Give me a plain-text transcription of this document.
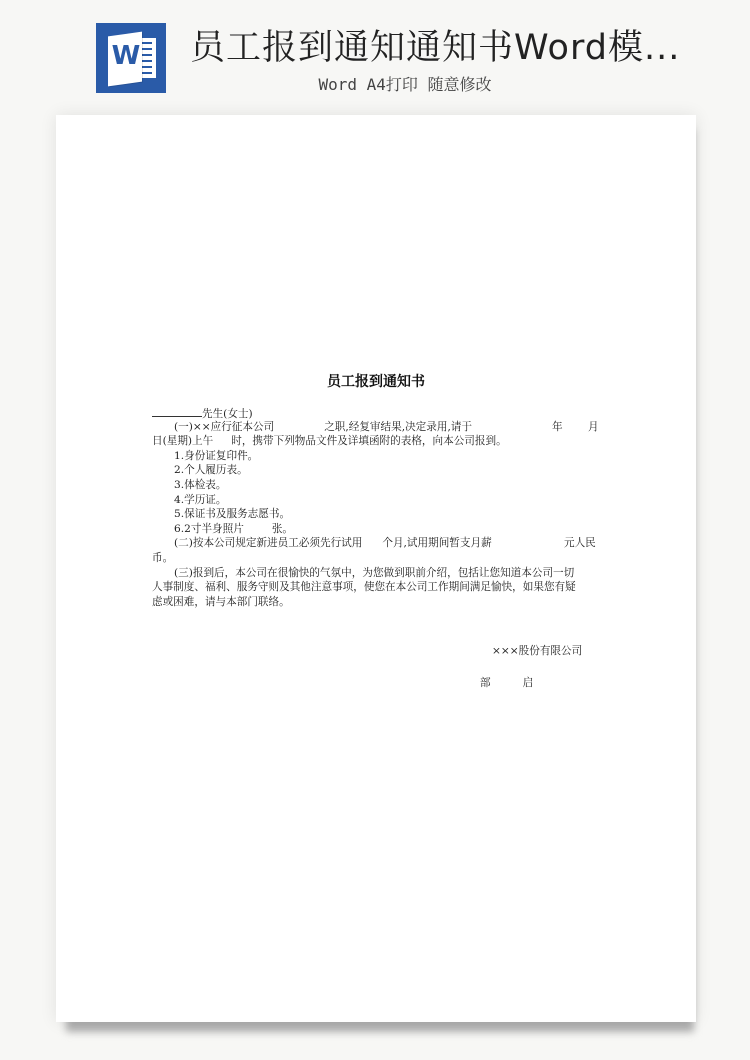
W 员工报到通知通知书Word模...
Word A4打印 随意修改
员工报到通知书
先生(女士)
(一)××应行征本公司	之职,经复审结果,决定录用,请于	年 月
日(星期)上午 时，携带下列物品文件及详填函附的表格，向本公司报到。
1.身份证复印件。
2.个人履历表。
3.体检表。
4.学历证。
5.保证书及服务志愿书。
6.2寸半身照片	张。
(二)按本公司规定新进员工必须先行试用 个月,试用期间暂支月薪	元人民
币。
(三)报到后，本公司在很愉快的气氛中，为您做到职前介绍，包括让您知道本公司一切
人事制度、福利、服务守则及其他注意事项，使您在本公司工作期间满足愉快，如果您有疑
虑或困难，请与本部门联络。
×××股份有限公司
部	启
